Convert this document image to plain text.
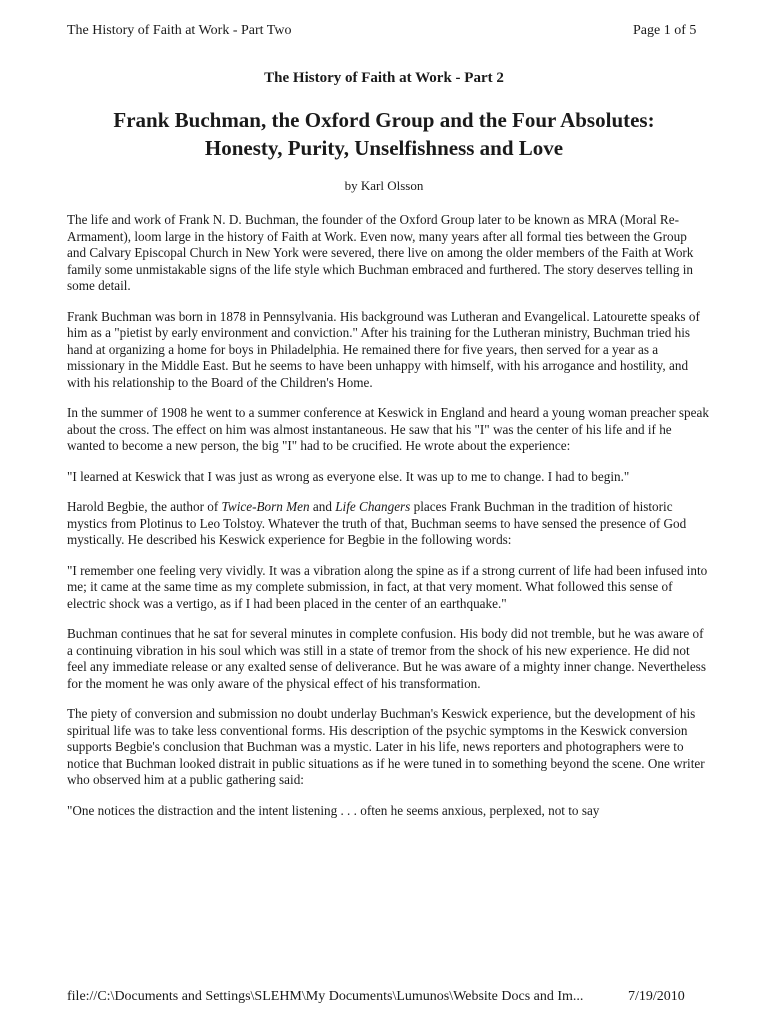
The History of Faith at Work - Part Two	Page 1 of 5
The History of Faith at Work - Part 2
Frank Buchman, the Oxford Group and the Four Absolutes:
Honesty, Purity, Unselfishness and Love
by Karl Olsson

The life and work of Frank N. D. Buchman, the founder of the Oxford Group later to be known as MRA (Moral Re-Armament), loom large in the history of Faith at Work. Even now, many years after all formal ties between the Group and Calvary Episcopal Church in New York were severed, there live on among the older members of the Faith at Work family some unmistakable signs of the life style which Buchman embraced and furthered. The story deserves telling in some detail.

Frank Buchman was born in 1878 in Pennsylvania. His background was Lutheran and Evangelical. Latourette speaks of him as a "pietist by early environment and conviction." After his training for the Lutheran ministry, Buchman tried his hand at organizing a home for boys in Philadelphia. He remained there for five years, then served for a year as a missionary in the Middle East. But he seems to have been unhappy with himself, with his arrogance and hostility, and with his relationship to the Board of the Children's Home.

In the summer of 1908 he went to a summer conference at Keswick in England and heard a young woman preacher speak about the cross. The effect on him was almost instantaneous. He saw that his "I" was the center of his life and if he wanted to become a new person, the big "I" had to be crucified. He wrote about the experience:

"I learned at Keswick that I was just as wrong as everyone else. It was up to me to change. I had to begin."

Harold Begbie, the author of Twice-Born Men and Life Changers places Frank Buchman in the tradition of historic mystics from Plotinus to Leo Tolstoy. Whatever the truth of that, Buchman seems to have sensed the presence of God mystically. He described his Keswick experience for Begbie in the following words:

"I remember one feeling very vividly. It was a vibration along the spine as if a strong current of life had been infused into me; it came at the same time as my complete submission, in fact, at that very moment. What followed this sense of electric shock was a vertigo, as if I had been placed in the center of an earthquake."

Buchman continues that he sat for several minutes in complete confusion. His body did not tremble, but he was aware of a continuing vibration in his soul which was still in a state of tremor from the shock of his new experience. He did not feel any immediate release or any exalted sense of deliverance. But he was aware of a mighty inner change. Nevertheless for the moment he was only aware of the physical effect of his transformation.

The piety of conversion and submission no doubt underlay Buchman's Keswick experience, but the development of his spiritual life was to take less conventional forms. His description of the psychic symptoms in the Keswick conversion supports Begbie's conclusion that Buchman was a mystic. Later in his life, news reporters and photographers were to notice that Buchman looked distrait in public situations as if he were tuned in to something beyond the scene. One writer who observed him at a public gathering said:

"One notices the distraction and the intent listening . . . often he seems anxious, perplexed, not to say

file://C:\Documents and Settings\SLEHM\My Documents\Lumunos\Website Docs and Im...	7/19/2010
